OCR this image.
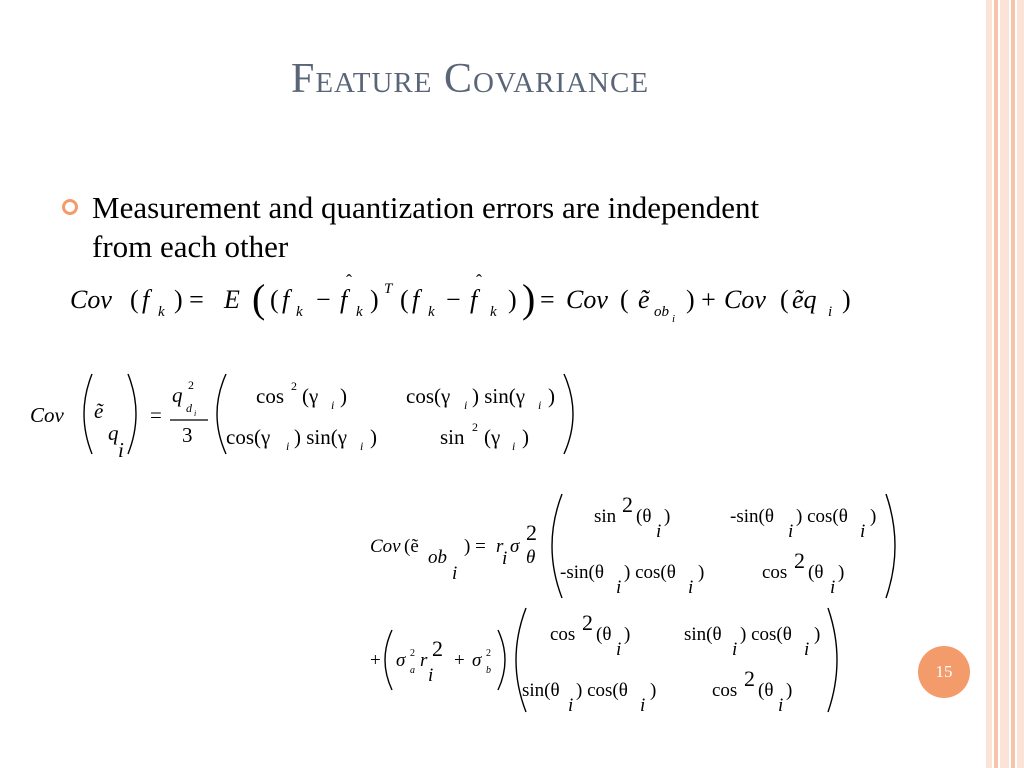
Feature Covariance
Measurement and quantization errors are independent from each other
Cov ( f k ) = E ( ( f k − f
ˆ
k ) T ( f k − f
ˆ
k ) ) = Cov ( ẽ ob i
) + Cov ( ẽq i )
Cov ẽ
q
i
=
q 2
d i
3
cos 2 (γ i )	cos(γ i ) sin(γ i )
cos(γ i ) sin(γ i )	sin 2 (γ i )
Cov (ẽ
ob
i
) = r
i
σ
2
θ
sin 2 (θ
i
)	-sin(θ
i
) cos(θ
i
)
-sin(θ
i
) cos(θ
i
)	cos 2 (θ
i
)
+ σ 2
a r 2
i
+ σ 2
b
cos 2 (θ
i
)	sin(θ
i
) cos(θ
i
)
sin(θ
i
) cos(θ
i
)	cos 2 (θ
i
)
15
